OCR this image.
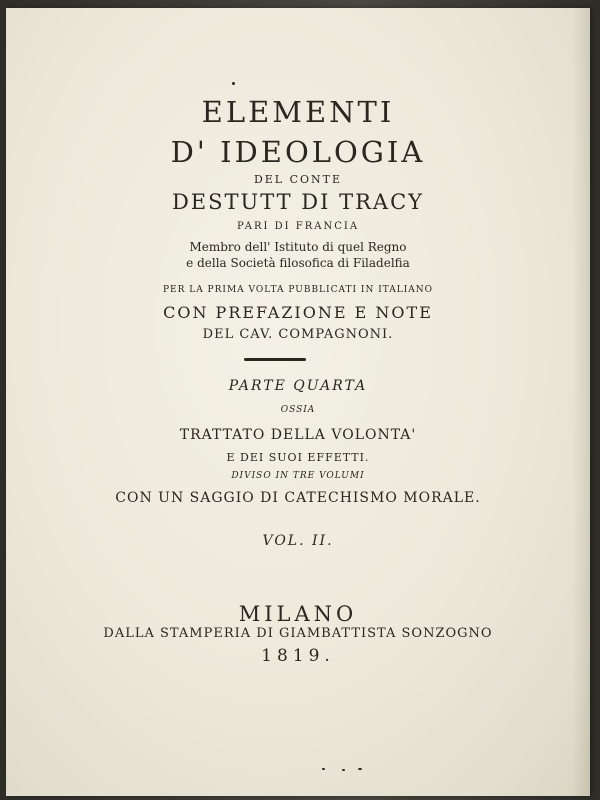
ELEMENTI
D' IDEOLOGIA
DEL CONTE
DESTUTT DI TRACY
PARI DI FRANCIA
Membro dell' Istituto di quel Regno
e della Società filosofica di Filadelfia
PER LA PRIMA VOLTA PUBBLICATI IN ITALIANO
CON PREFAZIONE E NOTE
DEL CAV. COMPAGNONI.
PARTE QUARTA
OSSIA
TRATTATO DELLA VOLONTA'
E DEI SUOI EFFETTI.
DIVISO IN TRE VOLUMI
CON UN SAGGIO DI CATECHISMO MORALE.
VOL. II.
MILANO
DALLA STAMPERIA DI GIAMBATTISTA SONZOGNO
1819.
